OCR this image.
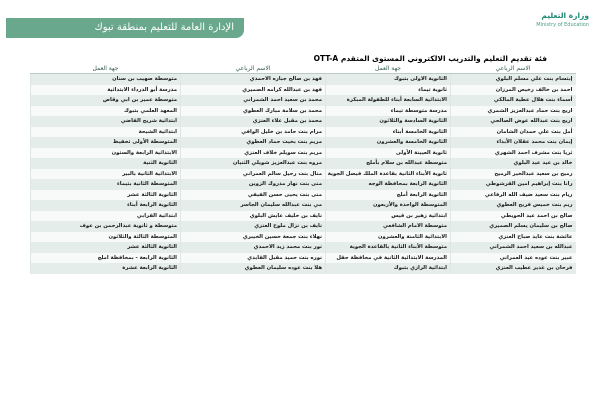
الإدارة العامة للتعليم بمنطقة تبوك
وزارة التعليم
Ministry of Education
فئة تقديم التعليم والتدريب الالكتروني المستوى المتقدم OTT-A
الاسم الرباعي	جهة العمل	الاسم الرباعي	جهة العمل
إبتسام بنت علي مسلم البلوي	الثانوية الاولى بتبوك	فهد بن صالح جباره الاحمدي	متوسطة صهيب بن سنان
احمد بن خالف رخيص المرزان	ثانوية تيماء	فهد بن عبدالله كرامه الصميري	مدرسة أبو الدرداء الابتدائية
أسماء بنت هلال عطية المالكي	الابتدائية السابعة أبناء للطفولة المبكرة	محمد بن سعيد احمد الشمراني	متوسطة عمير بن ابي وقاص
اريج بنت حماد عبدالعزيز الشمري	مدرسة متوسطة تيماء	محمد بن سلامة مبارك العطوي	المعهد العلمي بتبوك
اريج بنت عبدالله عوض الصالحي	الثانوية السادسة والثلاثون	محمد بن مقبل علاء العنزي	ابتدائية شريح القاضي
أمل بنت علي حمدان الشامان	الثانوية الخامسة أبناء	مرام بنت حامد بن خليل الوافي	ابتدائية الشيحة
إيمان بنت محمد عقلان الأبداء	الثانوية الخامسة والعشرون	مريم بنت بخيت حماد العطوي	المتوسطة الأولى تحفيظ
ثريا بنت مشرف احمد الشهري	ثانوية العيينة الأولى	مريم بنت سويلم خلاف العنزي	الابتدائية الرابعة والستون
خالد بن عيد عيد البلوي	متوسطة عبدالله بن سلام بأملج	مروه بنت عبدالعزيز شويلي الثنيان	الثانوية الثنية
رميح بن سعيد عبدالخير الرميح	ثانوية الأبناء الثانية بقاعدة الملك فيصل الجوية	منال بنت رحيل سالم العمراني	الابتدائية الثانية بالبير
رانا بنت إبراهيم امين القرشوطي	الثانوية الرابعة بمحافظة الوجه	منى بنت نهار مذروك الزوين	المتوسطة الثانية بتيماء
ريام بنت سعيد ضيف الله الرفاعي	الثانوية الرابعة أملج	منى بنت يحيى حسن الفيفي	الثانوية الثالثة عشر
ريم بنت خميس فريح العطوي	المتوسطة الواحدة والأربعون	مي بنت عبدالله سليمان الجاسر	الثانوية الرابعة أبناء
صالح بن احمد عيد الحويطي	ابتدائية زهير بن قيس	نايف بن خليف عايش البلوي	ابتدائية القرابي
صالح بن سليمان يسلم الصميري	متوسطة الامام الشافعي	نايف بن نزال ملوح العنزي	متوسطة و ثانوية عبدالرحمن بن عوف
عائشة بنت عايد صباح العنزي	الابتدائية الثامنة والعشرون	نهلاء بنت جمعة حسين الخيبري	المتوسطة الثالثة والثلاثون
عبدالله بن سعيد احمد الشمراني	متوسطة الأبناء الثانية بالقاعدة الجوية	نور بنت محمد زيد الاحمدي	الثانوية الثالثة عشر
عبير بنت عوده عيد العمراني	المدرسة الابتدائية الثانية في محافظة حقل	نوره بنت حميد مقبل القايدي	الثانوية الرابعة - بمحافظة املج
فرحان بن غدير عطيب العنزي	ابتدائية الرازي بتبوك	هلا بنت عوده سليمان العطوي	الثانوية الرابعة عشرة
